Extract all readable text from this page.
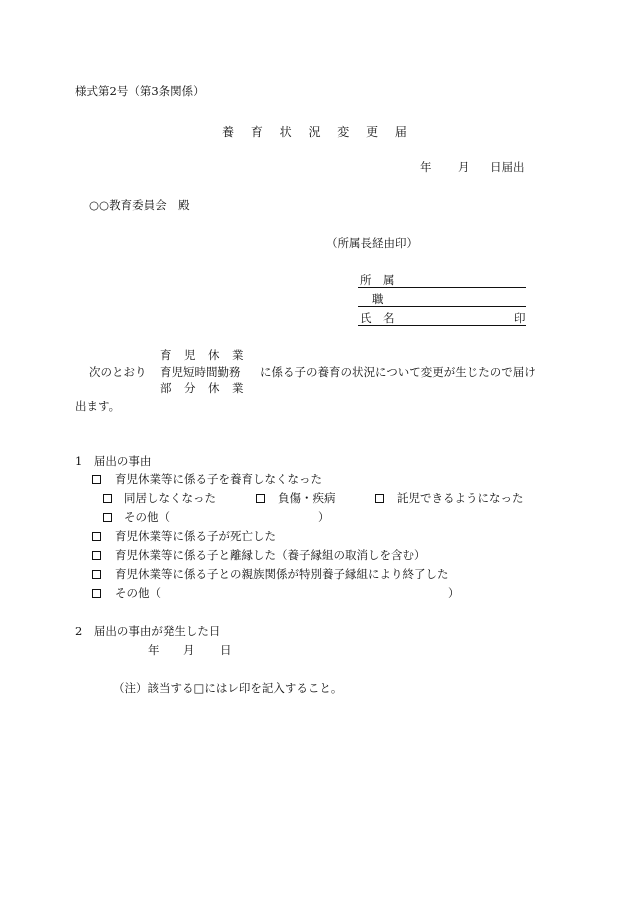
様式第2号（第3条関係）
養 育 状 況 変 更 届
年 月 日届出
○○教育委員会　殿
（所属長経由印）
所　属
職
氏　名	印
育　児　休　業
次のとおり 育児短時間勤務 に係る子の養育の状況について変更が生じたので届け
部　分　休　業
出ます。
1　届出の事由
育児休業等に係る子を養育しなくなった
同居しなくなった	負傷・疾病	託児できるようになった
その他（	）
育児休業等に係る子が死亡した
育児休業等に係る子と離縁した（養子縁組の取消しを含む）
育児休業等に係る子との親族関係が特別養子縁組により終了した
その他（	）
2　届出の事由が発生した日
年 月 日
（注）該当する□にはレ印を記入すること。
